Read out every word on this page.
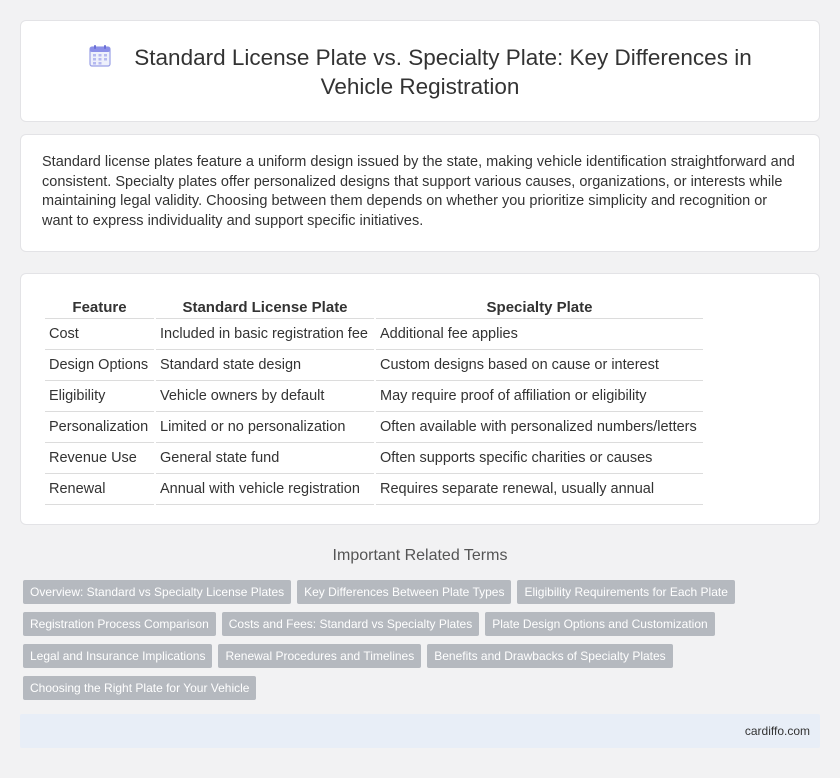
Standard License Plate vs. Specialty Plate: Key Differences in
Vehicle Registration

Standard license plates feature a uniform design issued by the state, making vehicle identification straightforward and consistent. Specialty plates offer personalized designs that support various causes, organizations, or interests while maintaining legal validity. Choosing between them depends on whether you prioritize simplicity and recognition or want to express individuality and support specific initiatives.

Feature	Standard License Plate	Specialty Plate
Cost	Included in basic registration fee	Additional fee applies
Design Options	Standard state design	Custom designs based on cause or interest
Eligibility	Vehicle owners by default	May require proof of affiliation or eligibility
Personalization	Limited or no personalization	Often available with personalized numbers/letters
Revenue Use	General state fund	Often supports specific charities or causes
Renewal	Annual with vehicle registration	Requires separate renewal, usually annual
Important Related Terms
Overview: Standard vs Specialty License Plates Key Differences Between Plate Types Eligibility Requirements for Each Plate
Registration Process Comparison Costs and Fees: Standard vs Specialty Plates Plate Design Options and Customization
Legal and Insurance Implications Renewal Procedures and Timelines Benefits and Drawbacks of Specialty Plates
Choosing the Right Plate for Your Vehicle
cardiffo.com
